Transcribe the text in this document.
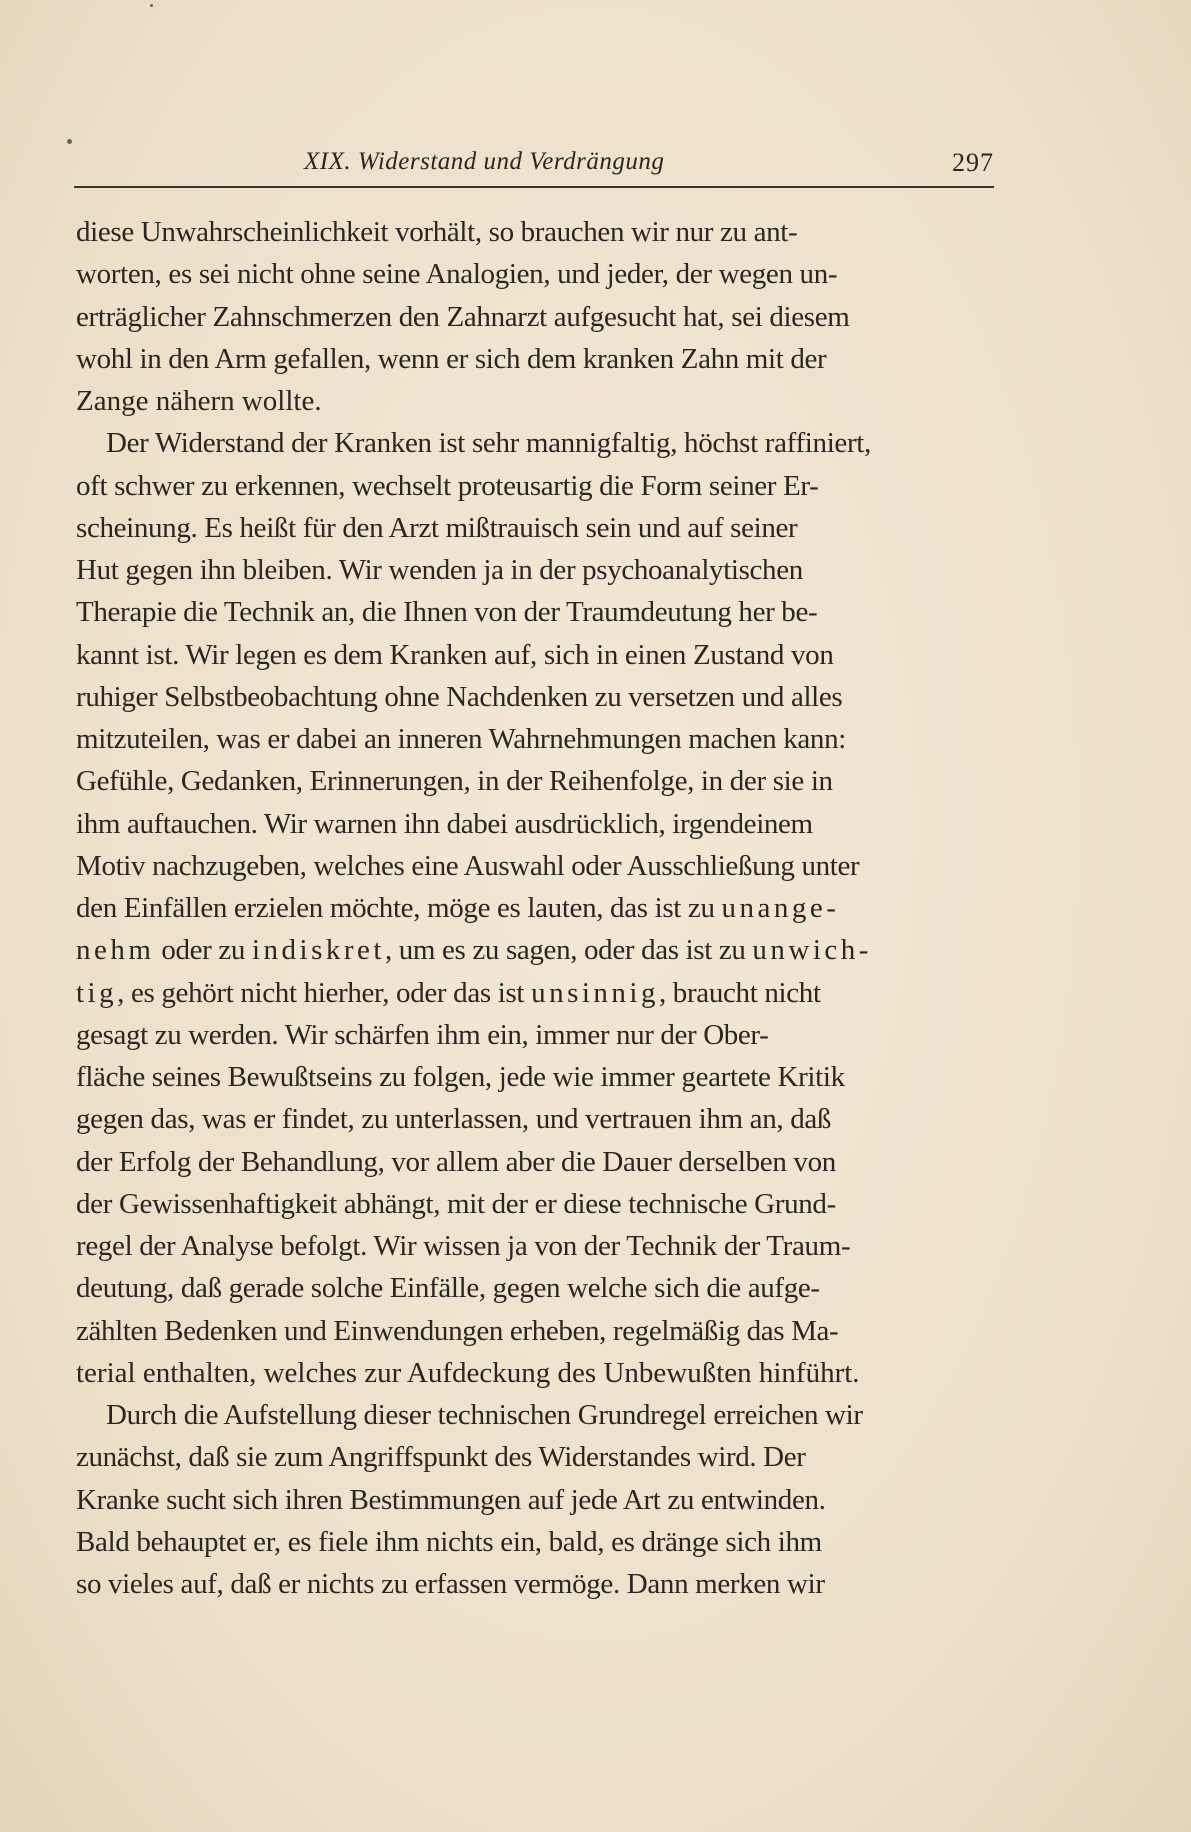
XIX. Widerstand und Verdrängung	297
diese Unwahrscheinlichkeit vorhält, so brauchen wir nur zu ant-
worten, es sei nicht ohne seine Analogien, und jeder, der wegen un-
erträglicher Zahnschmerzen den Zahnarzt aufgesucht hat, sei diesem
wohl in den Arm gefallen, wenn er sich dem kranken Zahn mit der
Zange nähern wollte.
Der Widerstand der Kranken ist sehr mannigfaltig, höchst raffiniert,
oft schwer zu erkennen, wechselt proteusartig die Form seiner Er-
scheinung. Es heißt für den Arzt mißtrauisch sein und auf seiner
Hut gegen ihn bleiben. Wir wenden ja in der psychoanalytischen
Therapie die Technik an, die Ihnen von der Traumdeutung her be-
kannt ist. Wir legen es dem Kranken auf, sich in einen Zustand von
ruhiger Selbstbeobachtung ohne Nachdenken zu versetzen und alles
mitzuteilen, was er dabei an inneren Wahrnehmungen machen kann:
Gefühle, Gedanken, Erinnerungen, in der Reihenfolge, in der sie in
ihm auftauchen. Wir warnen ihn dabei ausdrücklich, irgendeinem
Motiv nachzugeben, welches eine Auswahl oder Ausschließung unter
den Einfällen erzielen möchte, möge es lauten, das ist zu unange-
nehm oder zu indiskret, um es zu sagen, oder das ist zu unwich-
tig, es gehört nicht hierher, oder das ist unsinnig, braucht nicht
gesagt zu werden. Wir schärfen ihm ein, immer nur der Ober-
fläche seines Bewußtseins zu folgen, jede wie immer geartete Kritik
gegen das, was er findet, zu unterlassen, und vertrauen ihm an, daß
der Erfolg der Behandlung, vor allem aber die Dauer derselben von
der Gewissenhaftigkeit abhängt, mit der er diese technische Grund-
regel der Analyse befolgt. Wir wissen ja von der Technik der Traum-
deutung, daß gerade solche Einfälle, gegen welche sich die aufge-
zählten Bedenken und Einwendungen erheben, regelmäßig das Ma-
terial enthalten, welches zur Aufdeckung des Unbewußten hinführt.
Durch die Aufstellung dieser technischen Grundregel erreichen wir
zunächst, daß sie zum Angriffspunkt des Widerstandes wird. Der
Kranke sucht sich ihren Bestimmungen auf jede Art zu entwinden.
Bald behauptet er, es fiele ihm nichts ein, bald, es dränge sich ihm
so vieles auf, daß er nichts zu erfassen vermöge. Dann merken wir
